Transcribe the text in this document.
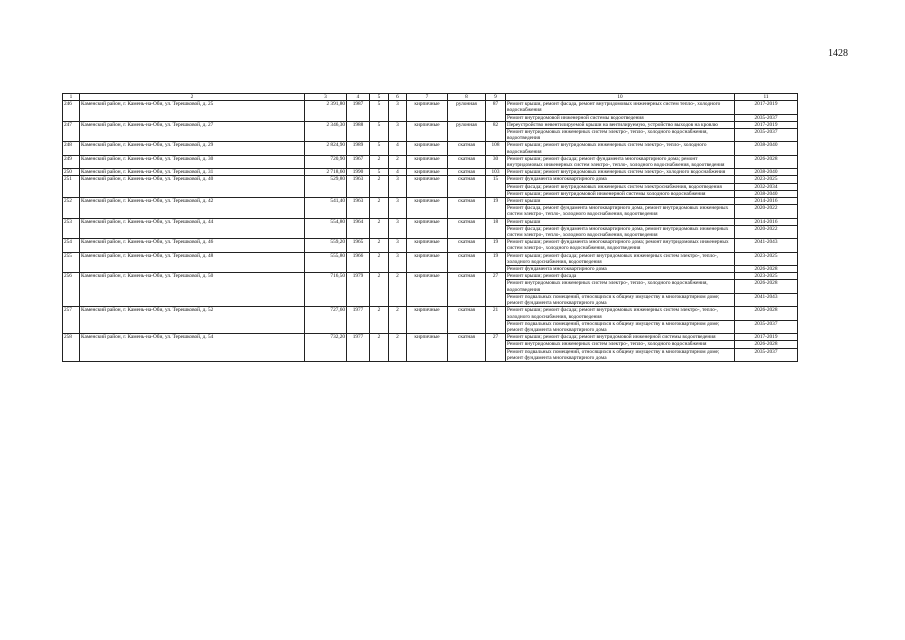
1428
1	2	3	4	5	6	7	8	9	10	11
246	Каменский район, г. Камень-на-Оби, ул. Терешковой, д. 25	2 391,80	1987	5	3	кирпичные	рулонная	87	Ремонт крыши, ремонт фасада, ремонт внутридомовых инженерных систем тепло-, холодного водоснабжения	2017-2019
									Ремонт внутридомовой инженерной системы водоотведения	2035-2037
247	Каменский район, г. Камень-на-Оби, ул. Терешковой, д. 27	2 346,30	1988	5	3	кирпичные	рулонная	82	Переустройство невентилируемой крыши на вентилируемую, устройство выходов на кровлю	2017-2019
									Ремонт внутридомовых инженерных систем электро-, тепло-, холодного водоснабжения, водоотведения	2035-2037
248	Каменский район, г. Камень-на-Оби, ул. Терешковой, д. 29	2 824,90	1989	5	4	кирпичные	скатная	108	Ремонт крыши; ремонт внутридомовых инженерных систем электро-, тепло-, холодного водоснабжения	2038-2040
249	Каменский район, г. Камень-на-Оби, ул. Терешковой, д. 30	720,90	1967	2	2	кирпичные	скатная	30	Ремонт крыши; ремонт фасада; ремонт фундамента многоквартирного дома; ремонт внутридомовых инженерных систем электро-, тепло-, холодного водоснабжения, водоотведения	2026-2028
250	Каменский район, г. Камень-на-Оби, ул. Терешковой, д. 31	2 718,60	1990	5	4	кирпичные	скатная	103	Ремонт крыши; ремонт внутридомовых инженерных систем электро-, холодного водоснабжения	2038-2040
251	Каменский район, г. Камень-на-Оби, ул. Терешковой, д. 40	529,80	1963	2	3	кирпичные	скатная	15	Ремонт фундамента многоквартирного дома	2023-2025
									Ремонт фасада; ремонт внутридомовых инженерных систем электроснабжения, водоотведения	2032-2034
									Ремонт крыши; ремонт внутридомовой инженерной системы холодного водоснабжения	2038-2040
252	Каменский район, г. Камень-на-Оби, ул. Терешковой, д. 42	541,40	1963	2	3	кирпичные	скатная	19	Ремонт крыши	2014-2016
									Ремонт фасада, ремонт фундамента многоквартирного дома, ремонт внутридомовых инженерных систем электро-, тепло-, холодного водоснабжения, водоотведения	2020-2022
253	Каменский район, г. Камень-на-Оби, ул. Терешковой, д. 44	554,80	1964	2	3	кирпичные	скатная	18	Ремонт крыши	2014-2016
									Ремонт фасада; ремонт фундамента многоквартирного дома, ремонт внутридомовых инженерных систем электро-, тепло-, холодного водоснабжения, водоотведения	2020-2022
254	Каменский район, г. Камень-на-Оби, ул. Терешковой, д. 46	559,20	1965	2	3	кирпичные	скатная	19	Ремонт крыши; ремонт фундамента многоквартирного дома; ремонт внутридомовых инженерных систем электро-, холодного водоснабжения, водоотведения	2041-2043
255	Каменский район, г. Камень-на-Оби, ул. Терешковой, д. 48	555,80	1966	2	3	кирпичные	скатная	19	Ремонт крыши; ремонт фасада; ремонт внутридомовых инженерных систем электро-, тепло-, холодного водоснабжения, водоотведения	2023-2025
									Ремонт фундамента многоквартирного дома	2026-2028
256	Каменский район, г. Камень-на-Оби, ул. Терешковой, д. 50	716,50	1979	2	2	кирпичные	скатная	27	Ремонт крыши; ремонт фасада	2023-2025
									Ремонт внутридомовых инженерных систем электро-, тепло-, холодного водоснабжения, водоотведения	2026-2028
									Ремонт подвальных помещений, относящихся к общему имуществу в многоквартирном доме; ремонт фундамента многоквартирного дома	2041-2043
257	Каменский район, г. Камень-на-Оби, ул. Терешковой, д. 52	727,60	1977	2	2	кирпичные	скатная	21	Ремонт крыши; ремонт фасада; ремонт внутридомовых инженерных систем электро-, тепло-, холодного водоснабжения, водоотведения	2026-2028
									Ремонт подвальных помещений, относящихся к общему имуществу в многоквартирном доме; ремонт фундамента многоквартирного дома	2035-2037
258	Каменский район, г. Камень-на-Оби, ул. Терешковой, д. 54	732,20	1977	2	2	кирпичные	скатная	27	Ремонт крыши; ремонт фасада; ремонт внутридомовой инженерной системы водоотведения	2017-2019
									Ремонт внутридомовых инженерных систем электро-, тепло-, холодного водоснабжения	2026-2028
									Ремонт подвальных помещений, относящихся к общему имуществу в многоквартирном доме; ремонт фундамента многоквартирного дома	2035-2037
